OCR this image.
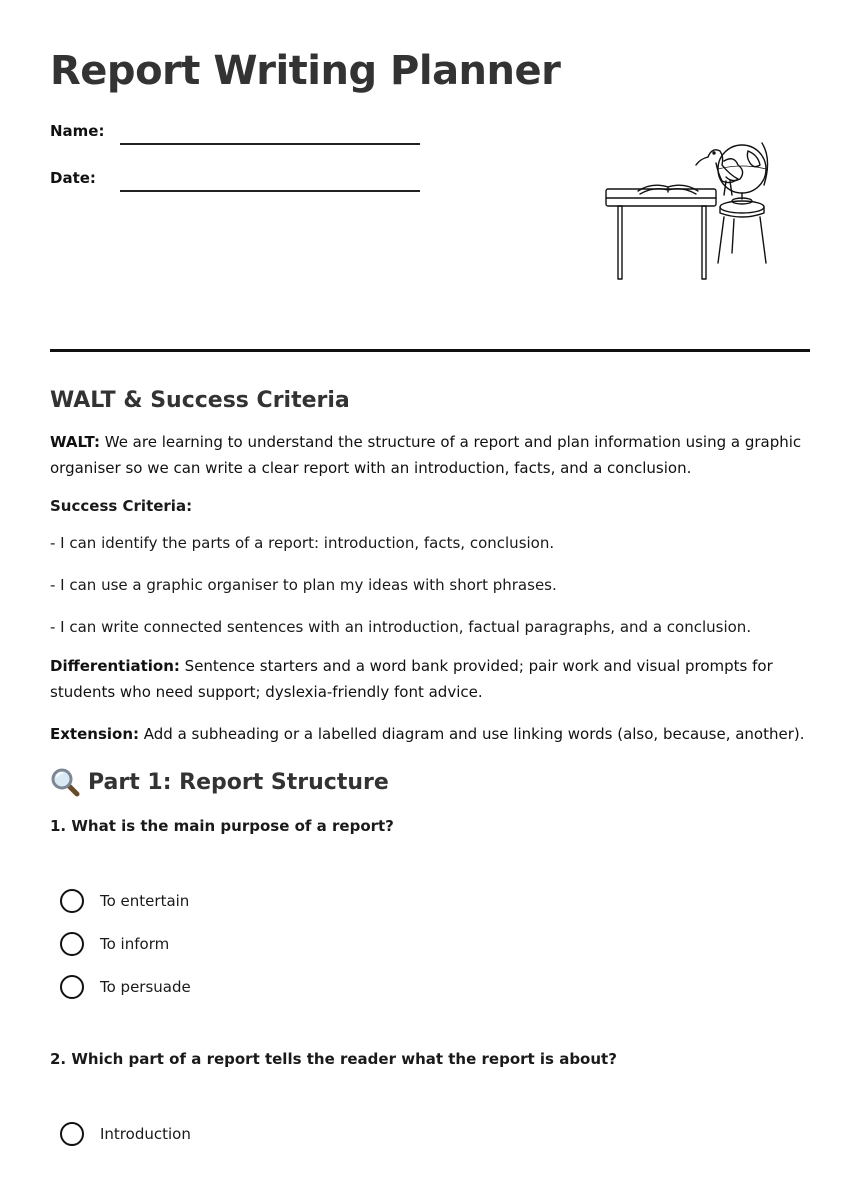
Report Writing Planner
Name:
Date:
WALT & Success Criteria

WALT: We are learning to understand the structure of a report and plan information using a graphic organiser so we can write a clear report with an introduction, facts, and a conclusion.

Success Criteria:
- I can identify the parts of a report: introduction, facts, conclusion.
- I can use a graphic organiser to plan my ideas with short phrases.
- I can write connected sentences with an introduction, factual paragraphs, and a conclusion.

Differentiation: Sentence starters and a word bank provided; pair work and visual prompts for students who need support; dyslexia-friendly font advice.

Extension: Add a subheading or a labelled diagram and use linking words (also, because, another).

Part 1: Report Structure
1. What is the main purpose of a report?
To entertain
To inform
To persuade
2. Which part of a report tells the reader what the report is about?
Introduction
